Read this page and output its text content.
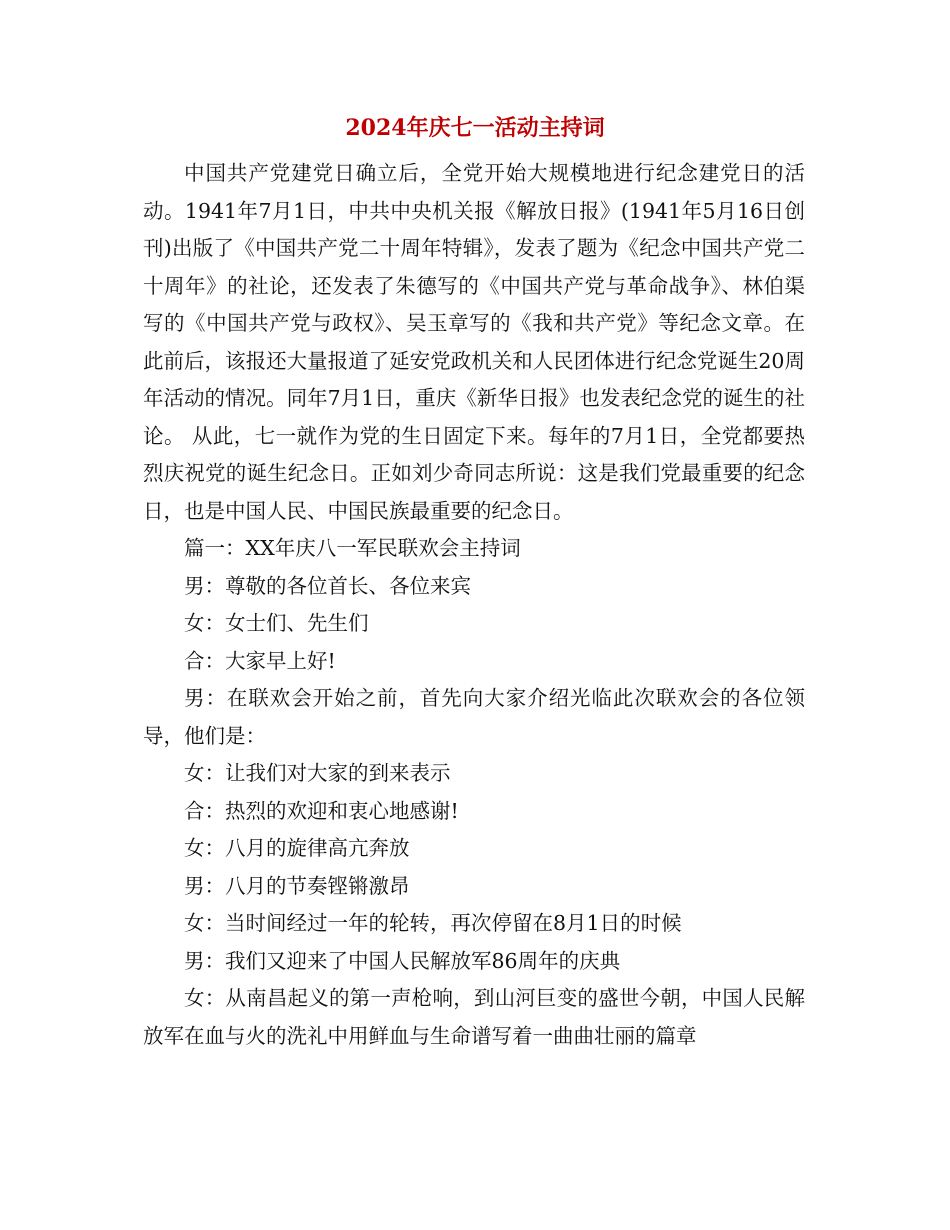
2024年庆七一活动主持词

中国共产党建党日确立后，全党开始大规模地进行纪念建党日的活动。1941年7月1日，中共中央机关报《解放日报》(1941年5月16日创刊)出版了《中国共产党二十周年特辑》，发表了题为《纪念中国共产党二十周年》的社论，还发表了朱德写的《中国共产党与革命战争》、林伯渠写的《中国共产党与政权》、吴玉章写的《我和共产党》等纪念文章。在此前后，该报还大量报道了延安党政机关和人民团体进行纪念党诞生20周年活动的情况。同年7月1日，重庆《新华日报》也发表纪念党的诞生的社论。 从此，七一就作为党的生日固定下来。每年的7月1日，全党都要热烈庆祝党的诞生纪念日。正如刘少奇同志所说：这是我们党最重要的纪念日，也是中国人民、中国民族最重要的纪念日。

篇一：XX年庆八一军民联欢会主持词

男：尊敬的各位首长、各位来宾

女：女士们、先生们

合：大家早上好!

男：在联欢会开始之前，首先向大家介绍光临此次联欢会的各位领导，他们是：

女：让我们对大家的到来表示

合：热烈的欢迎和衷心地感谢!

女：八月的旋律高亢奔放

男：八月的节奏铿锵激昂

女：当时间经过一年的轮转，再次停留在8月1日的时候

男：我们又迎来了中国人民解放军86周年的庆典

女：从南昌起义的第一声枪响，到山河巨变的盛世今朝，中国人民解放军在血与火的洗礼中用鲜血与生命谱写着一曲曲壮丽的篇章
